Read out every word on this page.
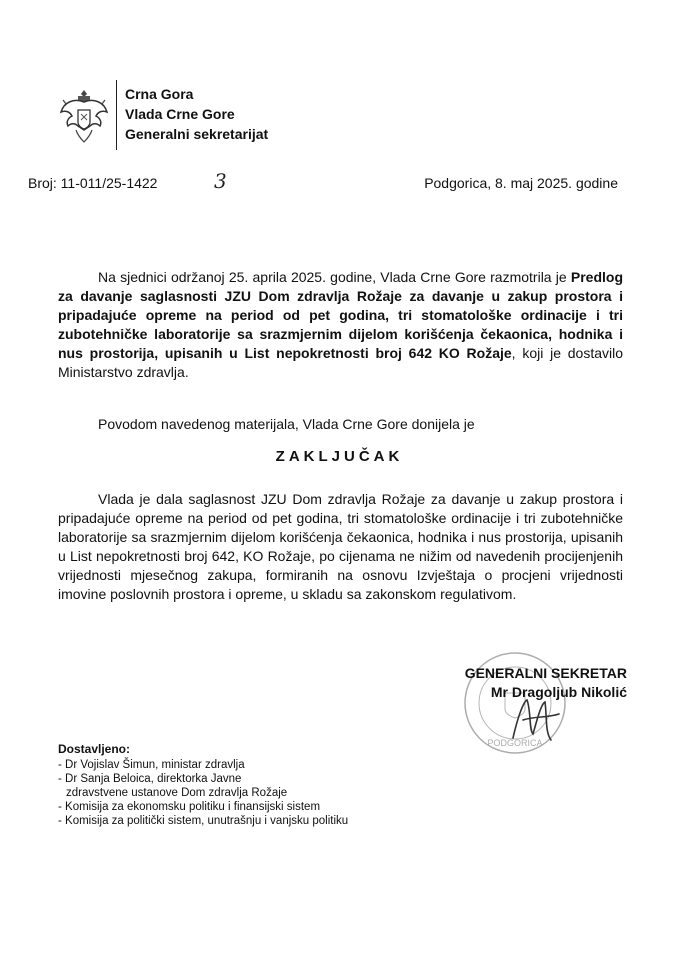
Crna Gora
Vlada Crne Gore
Generalni sekretarijat
Broj: 11-011/25-1422	3	Podgorica, 8. maj 2025. godine
Na sjednici održanoj 25. aprila 2025. godine, Vlada Crne Gore razmotrila je Predlog za davanje saglasnosti JZU Dom zdravlja Rožaje za davanje u zakup prostora i pripadajuće opreme na period od pet godina, tri stomatološke ordinacije i tri zubotehničke laboratorije sa srazmjernim dijelom korišćenja čekaonica, hodnika i nus prostorija, upisanih u List nepokretnosti broj 642 KO Rožaje, koji je dostavilo Ministarstvo zdravlja.
Povodom navedenog materijala, Vlada Crne Gore donijela je
ZAKLJUČAK
Vlada je dala saglasnost JZU Dom zdravlja Rožaje za davanje u zakup prostora i pripadajuće opreme na period od pet godina, tri stomatološke ordinacije i tri zubotehničke laboratorije sa srazmjernim dijelom korišćenja čekaonica, hodnika i nus prostorija, upisanih u List nepokretnosti broj 642, KO Rožaje, po cijenama ne nižim od navedenih procijenjenih vrijednosti mjesečnog zakupa, formiranih na osnovu Izvještaja o procjeni vrijednosti imovine poslovnih prostora i opreme, u skladu sa zakonskom regulativom.
PODGORICA
GENERALNI SEKRETAR
Mr Dragoljub Nikolić
Dostavljeno:
- Dr Vojislav Šimun, ministar zdravlja
- Dr Sanja Beloica, direktorka Javne
zdravstvene ustanove Dom zdravlja Rožaje
- Komisija za ekonomsku politiku i finansijski sistem
- Komisija za politički sistem, unutrašnju i vanjsku politiku
